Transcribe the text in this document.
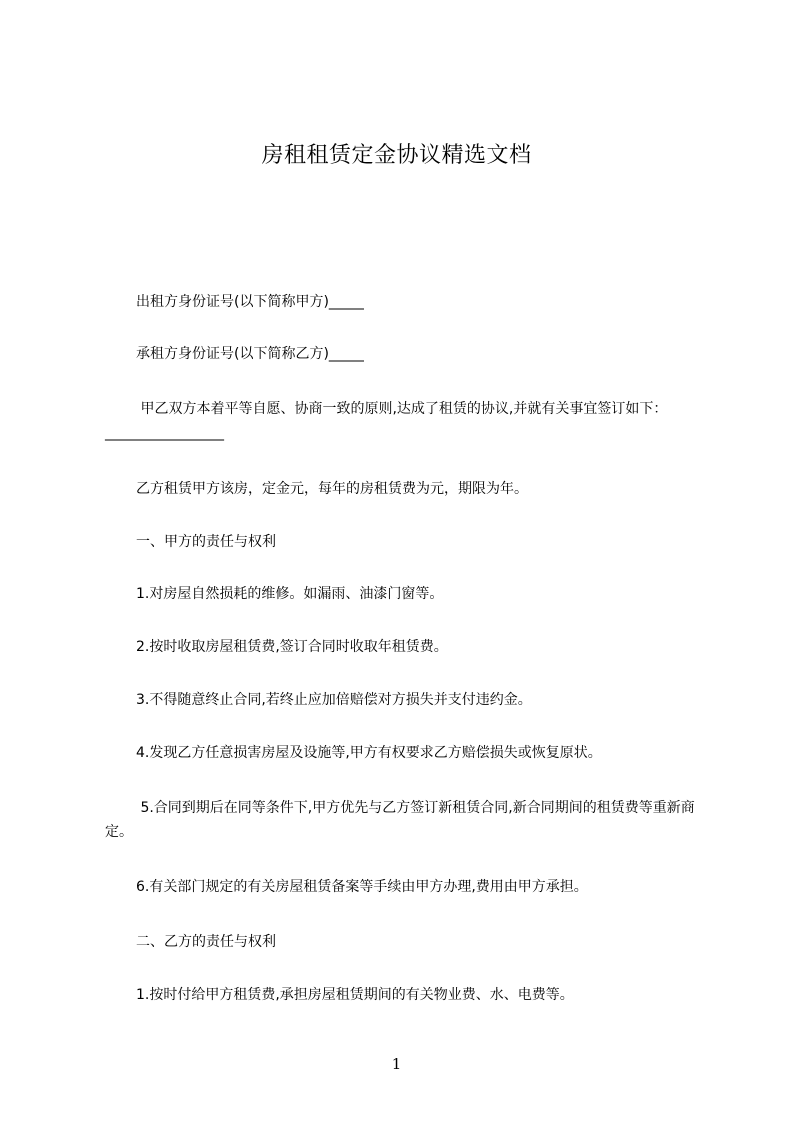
房租租赁定金协议精选文档
出租方身份证号(以下简称甲方)_____
承租方身份证号(以下简称乙方)_____
甲乙双方本着平等自愿、协商一致的原则,达成了租赁的协议,并就有关事宜签订如下：_________________
乙方租赁甲方该房，定金元，每年的房租赁费为元，期限为年。
一、甲方的责任与权利
1.对房屋自然损耗的维修。如漏雨、油漆门窗等。
2.按时收取房屋租赁费,签订合同时收取年租赁费。
3.不得随意终止合同,若终止应加倍赔偿对方损失并支付违约金。
4.发现乙方任意损害房屋及设施等,甲方有权要求乙方赔偿损失或恢复原状。
5.合同到期后在同等条件下,甲方优先与乙方签订新租赁合同,新合同期间的租赁费等重新商定。
6.有关部门规定的有关房屋租赁备案等手续由甲方办理,费用由甲方承担。
二、乙方的责任与权利
1.按时付给甲方租赁费,承担房屋租赁期间的有关物业费、水、电费等。
1
